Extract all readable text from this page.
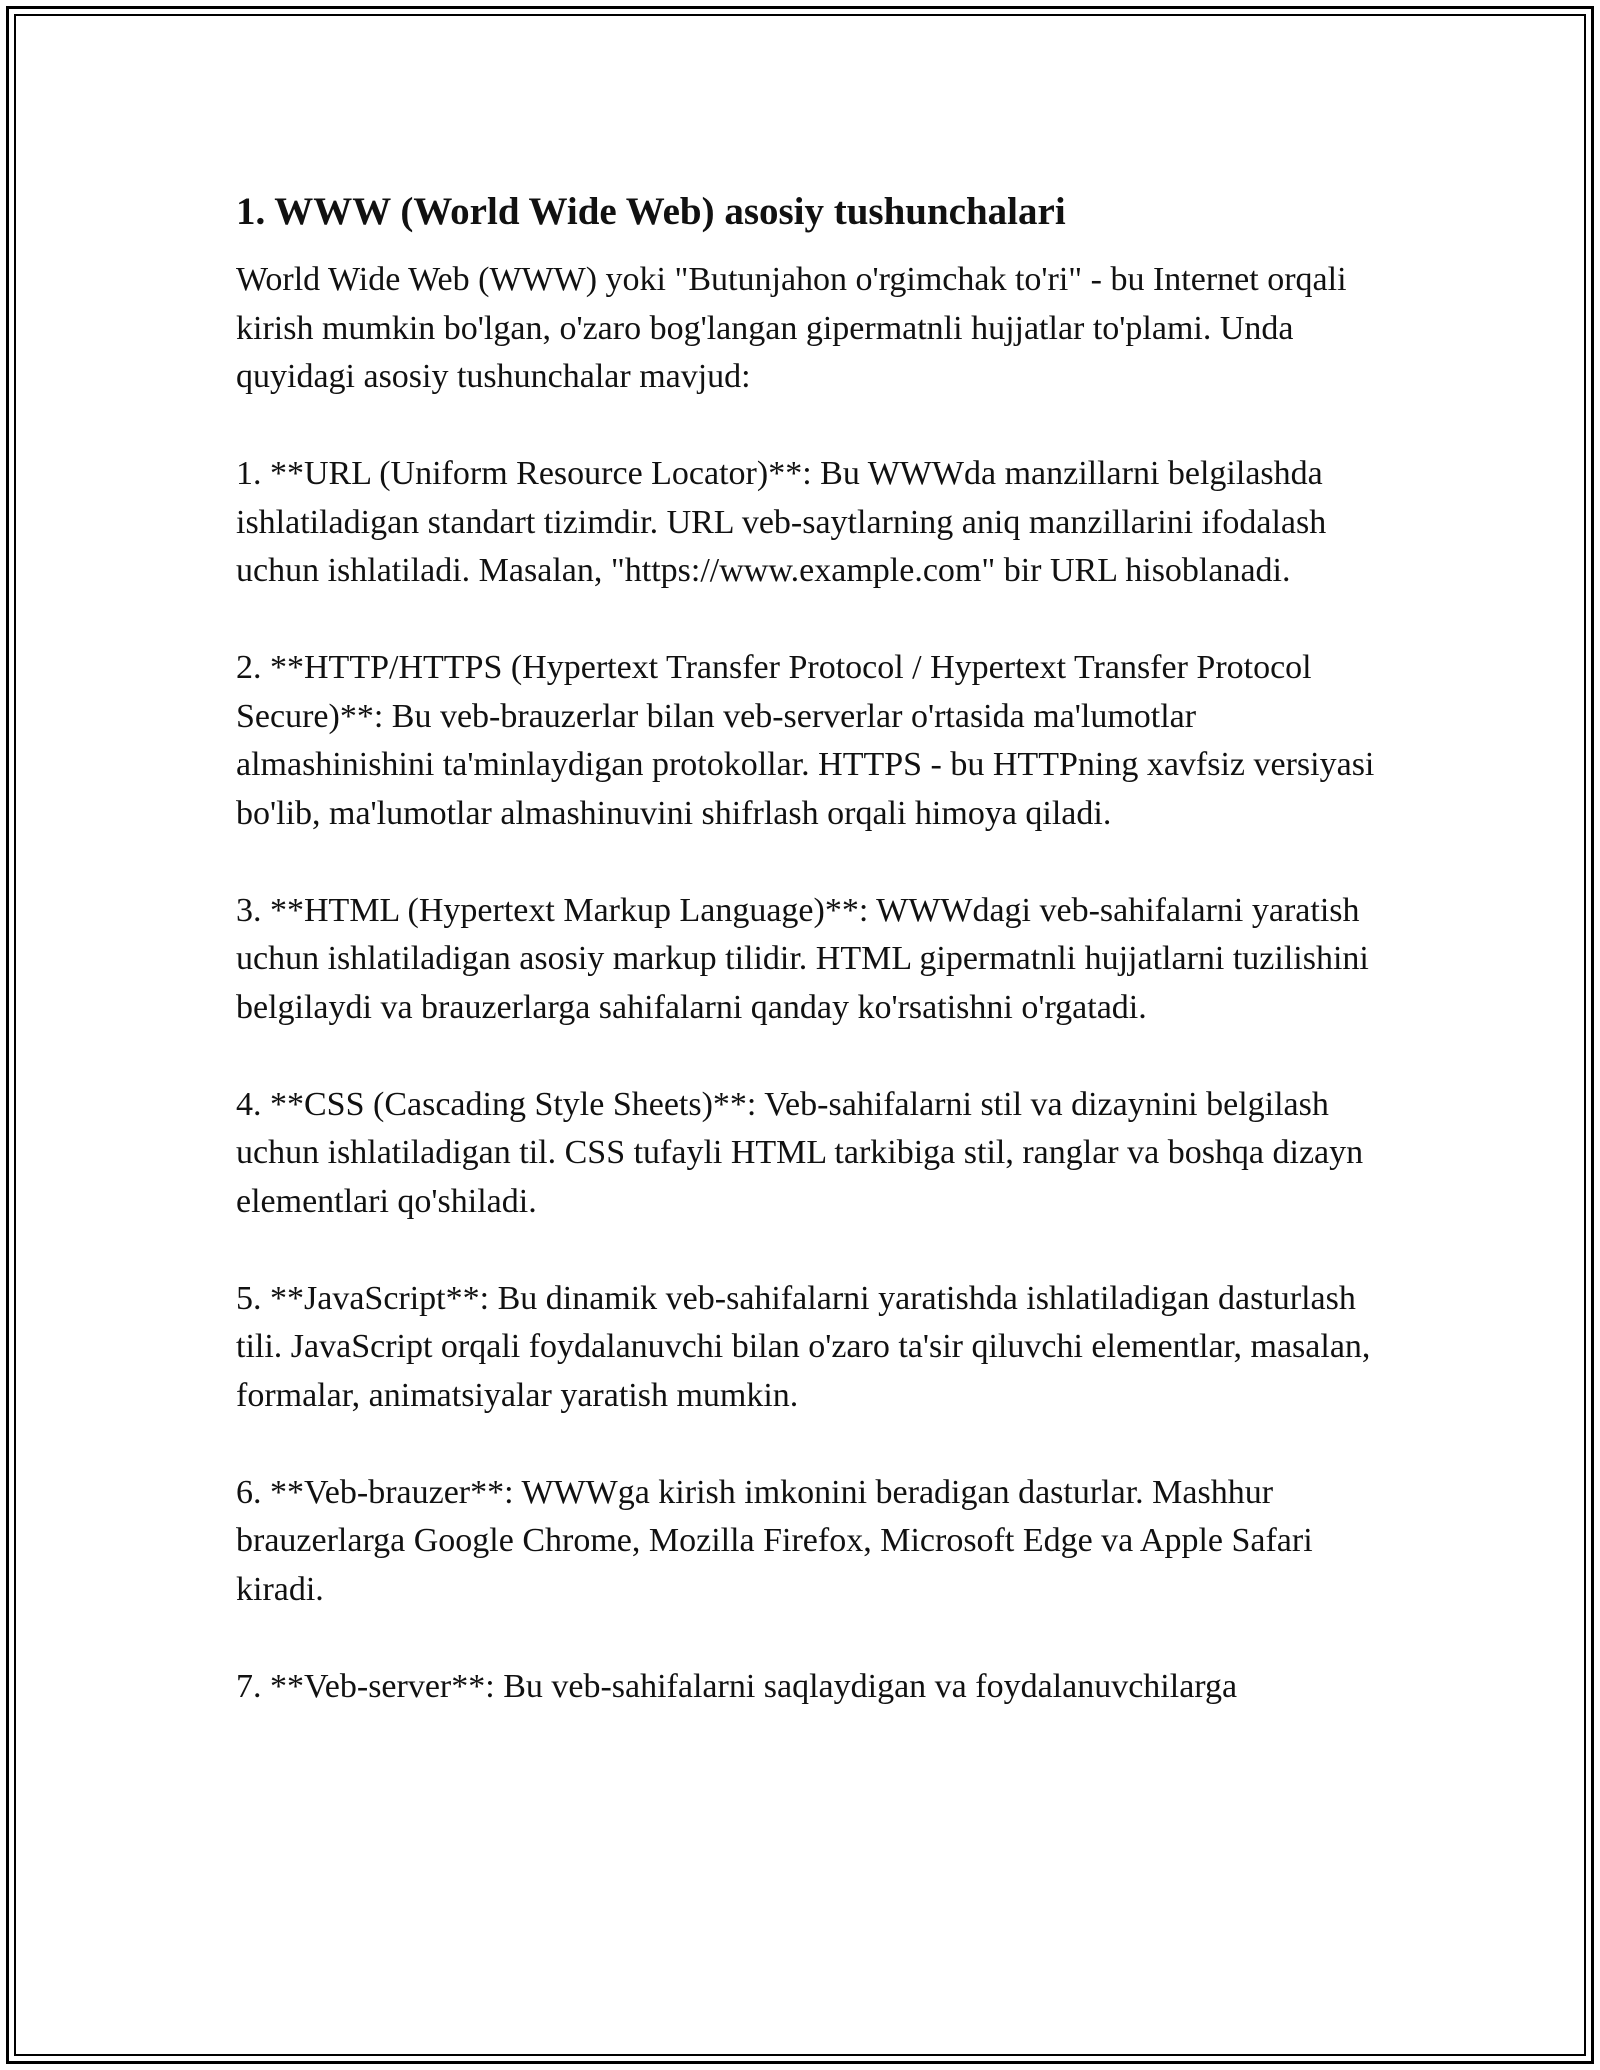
1. WWW (World Wide Web) asosiy tushunchalari

World Wide Web (WWW) yoki "Butunjahon o'rgimchak to'ri" - bu Internet orqali kirish mumkin bo'lgan, o'zaro bog'langan gipermatnli hujjatlar to'plami. Unda quyidagi asosiy tushunchalar mavjud:

1. **URL (Uniform Resource Locator)**: Bu WWWda manzillarni belgilashda ishlatiladigan standart tizimdir. URL veb-saytlarning aniq manzillarini ifodalash uchun ishlatiladi. Masalan, "https://www.example.com" bir URL hisoblanadi.

2. **HTTP/HTTPS (Hypertext Transfer Protocol / Hypertext Transfer Protocol Secure)**: Bu veb-brauzerlar bilan veb-serverlar o'rtasida ma'lumotlar almashinishini ta'minlaydigan protokollar. HTTPS - bu HTTPning xavfsiz versiyasi bo'lib, ma'lumotlar almashinuvini shifrlash orqali himoya qiladi.

3. **HTML (Hypertext Markup Language)**: WWWdagi veb-sahifalarni yaratish uchun ishlatiladigan asosiy markup tilidir. HTML gipermatnli hujjatlarni tuzilishini belgilaydi va brauzerlarga sahifalarni qanday ko'rsatishni o'rgatadi.

4. **CSS (Cascading Style Sheets)**: Veb-sahifalarni stil va dizaynini belgilash uchun ishlatiladigan til. CSS tufayli HTML tarkibiga stil, ranglar va boshqa dizayn elementlari qo'shiladi.

5. **JavaScript**: Bu dinamik veb-sahifalarni yaratishda ishlatiladigan dasturlash tili. JavaScript orqali foydalanuvchi bilan o'zaro ta'sir qiluvchi elementlar, masalan, formalar, animatsiyalar yaratish mumkin.

6. **Veb-brauzer**: WWWga kirish imkonini beradigan dasturlar. Mashhur brauzerlarga Google Chrome, Mozilla Firefox, Microsoft Edge va Apple Safari kiradi.

7. **Veb-server**: Bu veb-sahifalarni saqlaydigan va foydalanuvchilarga
